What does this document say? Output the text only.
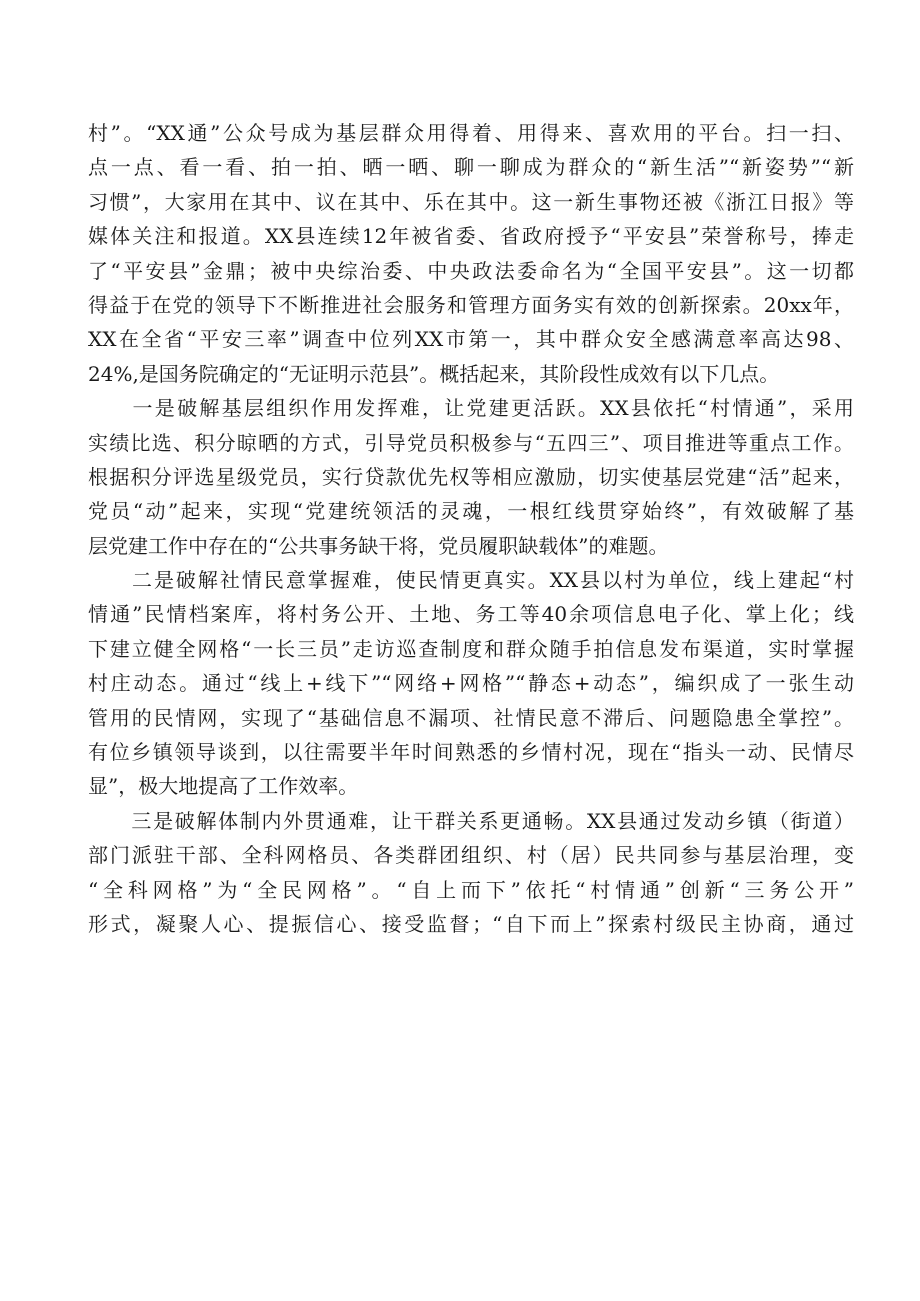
村”。“XX通”公众号成为基层群众用得着、用得来、喜欢用的平台。扫一扫、
点一点、看一看、拍一拍、晒一晒、聊一聊成为群众的“新生活”“新姿势”“新
习惯”，大家用在其中、议在其中、乐在其中。这一新生事物还被《浙江日报》等
媒体关注和报道。XX县连续12年被省委、省政府授予“平安县”荣誉称号，捧走
了“平安县”金鼎；被中央综治委、中央政法委命名为“全国平安县”。这一切都
得益于在党的领导下不断推进社会服务和管理方面务实有效的创新探索。20xx年，
XX在全省“平安三率”调查中位列XX市第一，其中群众安全感满意率高达98、
24%,是国务院确定的“无证明示范县”。概括起来，其阶段性成效有以下几点。
　　一是破解基层组织作用发挥难，让党建更活跃。XX县依托“村情通”，采用
实绩比选、积分晾晒的方式，引导党员积极参与“五四三”、项目推进等重点工作。
根据积分评选星级党员，实行贷款优先权等相应激励，切实使基层党建“活”起来，
党员“动”起来，实现“党建统领活的灵魂，一根红线贯穿始终”，有效破解了基
层党建工作中存在的“公共事务缺干将，党员履职缺载体”的难题。
　　二是破解社情民意掌握难，使民情更真实。XX县以村为单位，线上建起“村
情通”民情档案库，将村务公开、土地、务工等40余项信息电子化、掌上化；线
下建立健全网格“一长三员”走访巡查制度和群众随手拍信息发布渠道，实时掌握
村庄动态。通过“线上+线下”“网络+网格”“静态+动态”，编织成了一张生动
管用的民情网，实现了“基础信息不漏项、社情民意不滞后、问题隐患全掌控”。
有位乡镇领导谈到，以往需要半年时间熟悉的乡情村况，现在“指头一动、民情尽
显”，极大地提高了工作效率。
　　三是破解体制内外贯通难，让干群关系更通畅。XX县通过发动乡镇（街道）
部门派驻干部、全科网格员、各类群团组织、村（居）民共同参与基层治理，变
“全科网格”为“全民网格”。“自上而下”依托“村情通”创新“三务公开”
形式，凝聚人心、提振信心、接受监督；“自下而上”探索村级民主协商，通过
